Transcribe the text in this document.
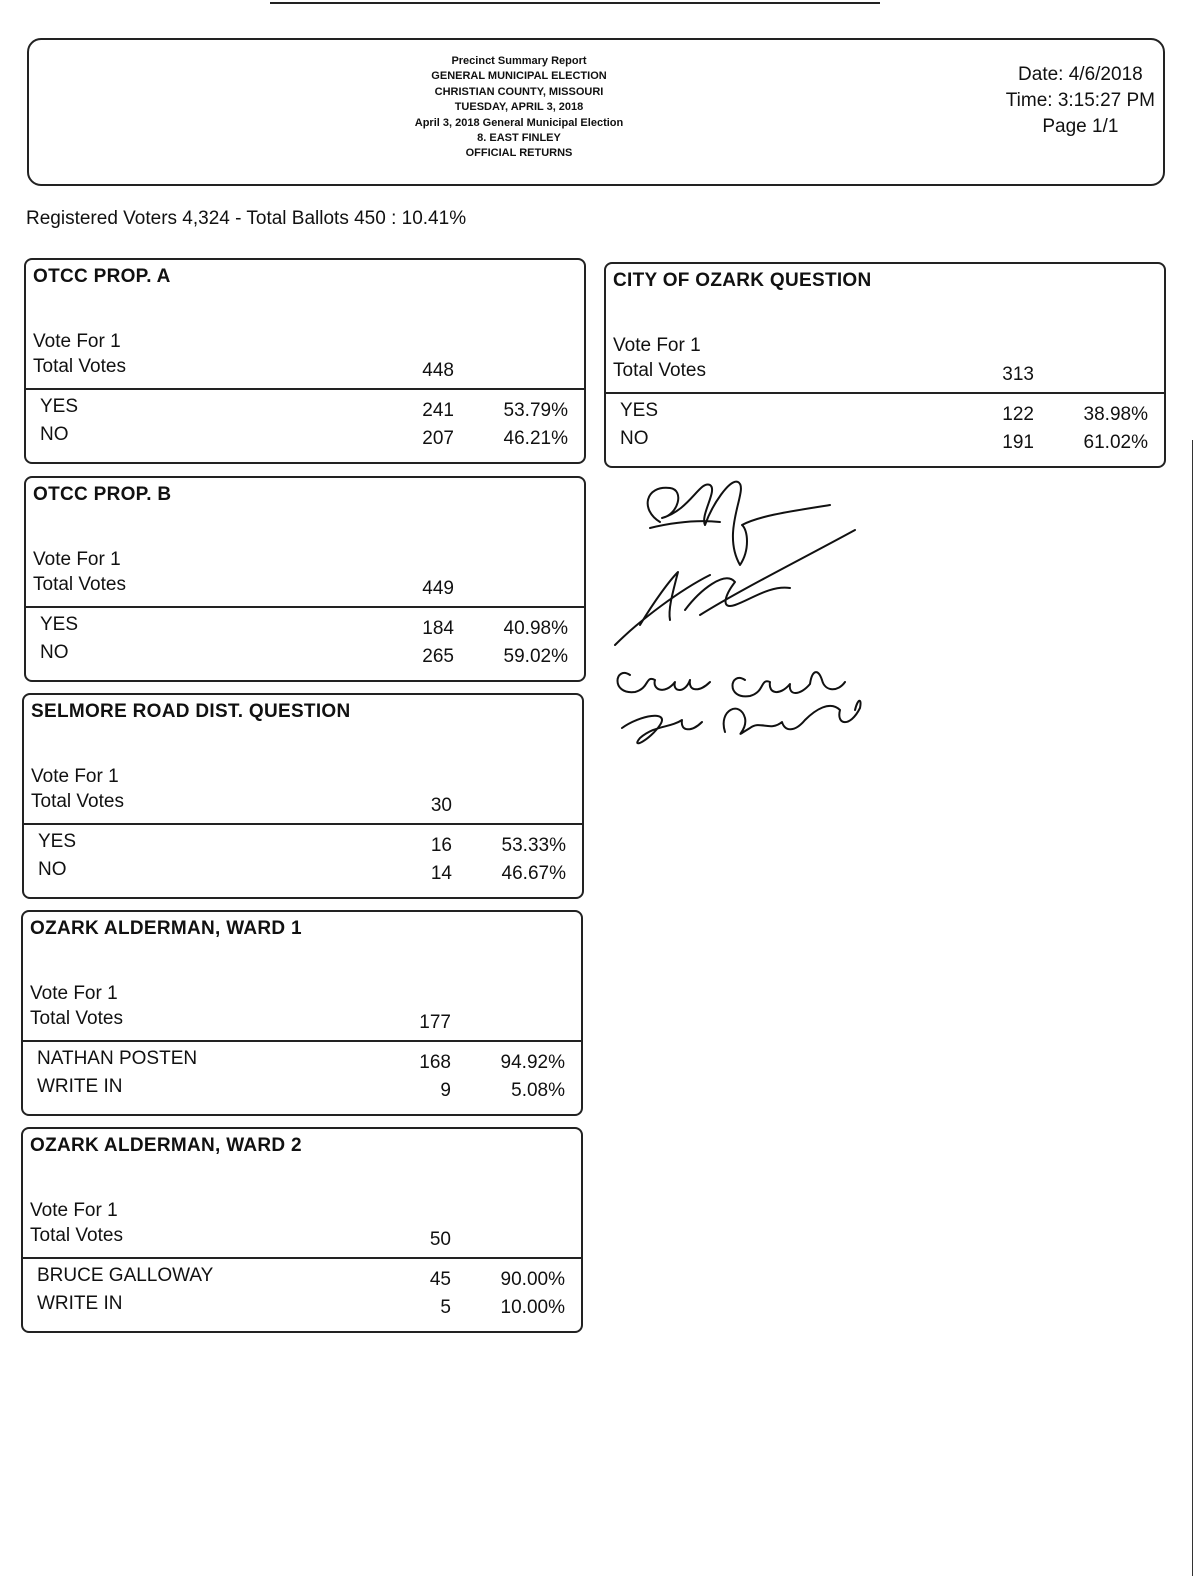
Precinct Summary Report
GENERAL MUNICIPAL ELECTION
CHRISTIAN COUNTY, MISSOURI
TUESDAY, APRIL 3, 2018
April 3, 2018 General Municipal Election
8. EAST FINLEY
OFFICIAL RETURNS
Date: 4/6/2018
Time: 3:15:27 PM
Page 1/1
Registered Voters 4,324 - Total Ballots 450 : 10.41%
OTCC PROP. A
Vote For 1
Total Votes	448
YES	241	53.79%
NO	207	46.21%
OTCC PROP. B
Vote For 1
Total Votes	449
YES	184	40.98%
NO	265	59.02%
SELMORE ROAD DIST. QUESTION
Vote For 1
Total Votes	30
YES	16	53.33%
NO	14	46.67%
OZARK ALDERMAN, WARD 1
Vote For 1
Total Votes	177
NATHAN POSTEN	168	94.92%
WRITE IN	9	5.08%
OZARK ALDERMAN, WARD 2
Vote For 1
Total Votes	50
BRUCE GALLOWAY	45	90.00%
WRITE IN	5	10.00%
CITY OF OZARK QUESTION
Vote For 1
Total Votes	313
YES	122	38.98%
NO	191	61.02%
